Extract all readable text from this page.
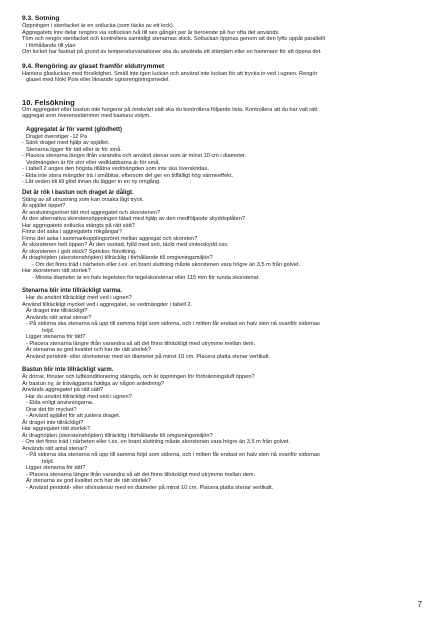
9.3. Sotning

Öppningen i stenfacket är en sotlucka (som täcks av ett lock).

Aggregatets inre delar rengörs via sotluckan två till sex gånger per år beroende på hur ofta det används.

Töm och rengör stenfacket och kontrollera samtidigt stenarnas skick. Sotluckan öppnas genom att den lyfts uppåt parallellt

i förhållande till ytan

Om locket har fastnat på grund av temperaturvariationer ska du använda ett stämjärn eller en hammare för att öppna det.

9.4. Rengöring av glaset framför eldutrymmet

Hantera glasluckan med försiktighet. Smäll inte igen luckan och använd inte luckan för att trycka in ved i ugnen. Rengör

glaset med Noki Pois eller liknande ugnsrengöringsmedel.

10. Felsökning

Om aggregatet eller bastun inte fungerar på önskvärt sätt ska du kontrollera följande lista. Kontrollera att du har valt rätt

aggregat som överensstämmer med bastuns volym.

Aggregatet är för varmt (glödhett)

Draget överstiger -12 Pa

- Sänk draget med hjälp av spjället.

Stenarna ligger för tätt eller är för små.

- Placera stenarna längre ifrån varandra och använd stenar som är minst 10 cm i diameter.

Vedmängden är för stor eller vedklabbarna är för små.

- I tabell 2 anges den högsta tillåtna vedmängden som inte ska överskridas.

- Elda inte stora mängder trä i småbitar, eftersom det ger en tillfälligt hög värmeeffekt.

- Låt veden bli till glöd innan du lägger in en ny omgång.

Det är rök i bastun och draget är dåligt.

Stäng av all utrustning som kan orsaka lågt tryck.

Är spjället öppet?

Är anslutningsröret tätt mot aggregatet och skorstenen?

Är den alternativa skorstensöppningen tätad med hjälp av den medföljande skyddsplåten?

Har aggregatets sotlucka stängts på rätt sätt?

Finns det aska i aggregatets rökgångar?

Finns det aska i sammankopplingsröret mellan aggregat och skorsten?

Är skorstenen helt öppen? Är den osotad, fylld med snö, täckt med vinterskydd osv.

Är skorstenen i gott skick? Sprickor, förvittring.

Är draghöjden (skorstenshöjden) tillräcklig i förhållande till omgivningsmiljön?

- Om det finns träd i närheten eller t.ex. en brant sluttning måste skorstenen vara högre än 3,5 m från golvet.

Har skorstenen rätt storlek?

- Minsta diameter är en halv tegelsten för tegelskorstenar eller 115 mm för runda skorstenar.

Stenarna blir inte tillräckligt varma.

Har du använt tillräckligt med ved i ugnen?

Använd tillräckligt mycket ved i aggregatet, se vedmängder i tabell 2.

Är draget inte tillräckligt?

Används rätt antal stenar?

- På sidorna ska stenarna nå upp till samma höjd som sidorna, och i mitten får endast en halv sten nå ovanför sidornas

höjd.

Ligger stenarna för tätt?

- Placera stenarna längre ifrån varandra så att det finns tillräckligt med utrymme mellan dem.

Är stenarna av god kvalitet och har de rätt storlek?

Använd peridotit- eller olivinstenar med en diameter på minst 10 cm. Placera platta stenar vertikalt.

Bastun blir inte tillräckligt varm.

Är dörrar, fönster och luftkonditionering stängda, och är öppningen för förbränningsluft öppen?

Är bastun ny, är träväggarna fuktiga av någon anledning?

Används aggregatet på rätt sätt?

Har du använt tillräckligt med ved i ugnen?

- Elda enligt anvisningarna.

Drar det för mycket?

- Använd spjället för att justera draget.

Är draget inte tillräckligt?

Har aggregatet rätt storlek?

Är draghöjden (skorstenshöjden) tillräcklig i förhållande till omgivningsmiljön?

- Om det finns träd i närheten eller t.ex. en brant sluttning måste skorstenen vara högre än 3,5 m från golvet.

Används rätt antal stenar?

- På sidorna ska stenarna nå upp till samma höjd som sidorna, och i mitten får endast en halv sten nå ovanför sidornas

höjd.

Ligger stenarna för tätt?

- Placera stenarna längre ifrån varandra så att det finns tillräckligt med utrymme mellan dem.

Är stenarna av god kvalitet och har de rätt storlek?

- Använd peridotit- eller olivinstenar med en diameter på minst 10 cm. Placera platta stenar vertikalt.

7
